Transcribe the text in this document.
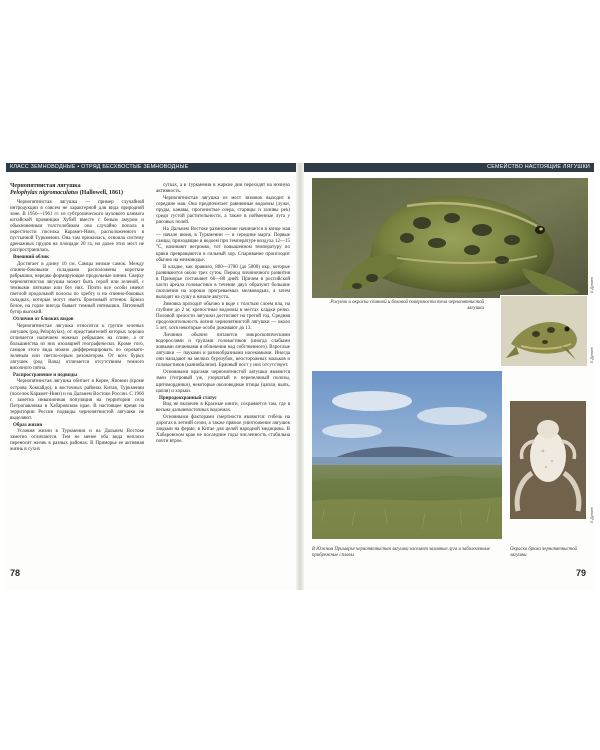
КЛАСС ЗЕМНОВОДНЫЕ • ОТРЯД БЕСХВОСТЫЕ ЗЕМНОВОДНЫЕ

Чернопятнистая лягушка
Pelophylax nigromaculatus (Hallowell, 1861)

Чернопятнистая лягушка — пример случайной интродукции в совсем не характерной для вида природной зоне. В 1956—1961 гг. из субтропического мухового климата китайской провинции Хубэй вместе с белым амуром и обыкновенным толстолобиком она случайно попала в окрестности поселка Карамет-Нияз, расположенного в пустынной Туркмении. Она там прижилась, освоила систему дренажных прудов на площади 20 га, но далее этих мест не распространилась.

Внешний облик

Достигает в длину 10 см. Самцы мельче самок. Между спинно-боковыми складками расположены короткие ребрышки, нередко формирующие продольные линии. Сверху чернопятнистая лягушка может быть серой или зеленой, с темными пятнами или без них. Почти все особи имеют светлой продольной полосы по хребту и на спинно-боковых складках, которые могут иметь бронзовый оттенок. Брюхо белое, на горле иногда бывает темный пятнышки. Пяточный бугор высокий.

Отличия от близких видов

Чернопятнистая лягушка относится к группе зеленых лягушек (род Pelophylax), от представителей которых хорошо отличается наличием ножных ребрышек на спине, а от большинства из них изоляцией географически. Кроме того, самцов этого вида можно дифференцировать по серовато-зеленым или светло-серым резонаторам. От всех бурых лягушек (род Rana) отличается отсутствием темного височного пятна.

Распространение и подвиды

Чернопятнистая лягушка обитает в Корее, Японии (кроме острова Хоккайдо), в восточных районах Китая, Туркмении (поселок Карамет-Нияз) и на Дальнем Востоке России. С 1966 г. заметна инвазионная популяция на территории села Петропавловка в Хабаровском крае. В настоящее время на территории России подвиды чернопятнистой лягушки не выделяют.

Образ жизни

Условия жизни в Туркмении и на Дальнем Востоке заметно отличаются. Тем не менее оба вида неплохо переносят жизнь в разных районах. В Приморье ее активная жизнь в сухих

сутках, а в Туркмении в жаркие дни переходят на ночную активность.

Чернопятнистая лягушка из мест зимовок выходит в середине мая. Она предпочитает равнинные водоемы (лужи, пруды, канавы, прогонистые озера, старицы и заливы рек) среди густой растительности, а также в пойменные луга у рисовых полей.

На Дальнем Востоке размножение начинается в конце мая — начале июня, в Туркмении — в середине марта. Первые самцы, приходящие в водоем при температуре воздуха 12—15 °С, начинают негромко, тот повышенном температуру по кряки превращаются в сильный хор. Спаривание происходит обычно на мелководье.

В кладке, как правило, 800—3700 (до 5000) икр, которые развиваются около трех суток. Период личиночного развития в Приморье составляет 60—80 дней. Причем в российской части ареала головастики в течение двух образуют большие скопления на хорошо прогреваемых мелководьях, а затем выходят на сушу в начале августа.

Зимовка проходит обычно в воде с толстым слоем ила, на глубине до 2 м; крепостные водоемы в местах кладки резко. Половой зрелости лягушки достигают на третий год. Средняя продолжительность жизни чернопятнистой лягушки — около 5 лет, хотя некоторые особи доживают до 13.

Личинки обычно питаются микроскопическими водорослями и трупами головастиков (иногда слабыми живыми личинками в обличении над собственного). Взрослые лягушки — пауками и разнообразными насекомыми. Иногда они нападают на мелких бурозубок, неосторожных мальков и головастиков (каннибализм). Брачный пост у них отсутствует.

Основными врагами чернопятнистой лягушки являются змеи (тигровый уж, узорчатый и перепелиный полозы, щитомордники), некоторые околоводные птицы (цапли, выпь, цапля) и хорьки.

Природоохранный статус

Вид не включен в Красные книги, сохраняется там, где в весьма дальневосточных водоемах.

Основными факторами смертности являются: гибель на дорогах в летний сезон, а также прямое уничтожение лягушек людьми на ферме, в Китае для целей народной медицины. В Хабаровском крае не последние годы численность стабильна почти втрое.

78
СЕМЕЙСТВО НАСТОЯЩИЕ ЛЯГУШКИ
Е.Дунаев
Рисунок и окраска спинной и боковой поверхности тела чернопятнистой лягушки
Е.Дунаев
Е.Дунаев
В Южном Приморье чернопятнистая лягушка заселяет заливные луга и заболоченные прибрежные сплавы
Окраска брюха чернопятнистой лягушки
79
